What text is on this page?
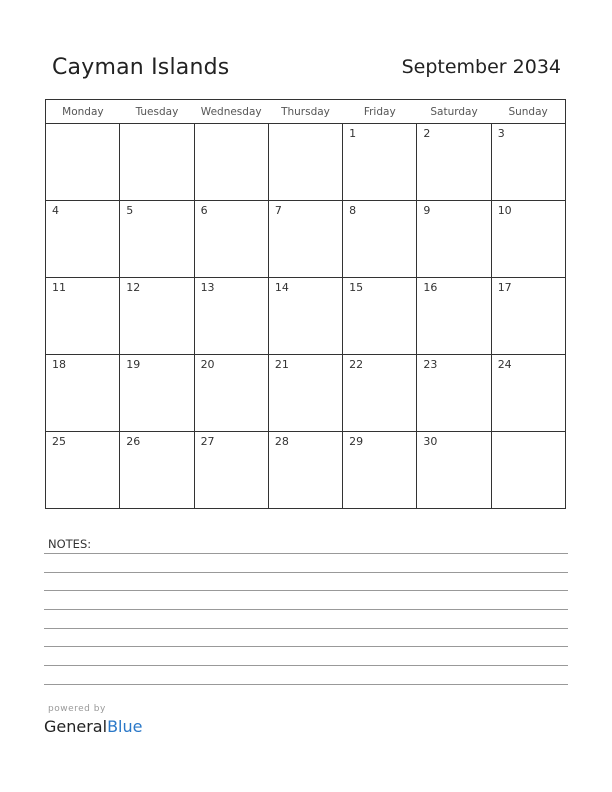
Cayman Islands	September 2034
Monday	Tuesday	Wednesday	Thursday	Friday	Saturday	Sunday

				1	2	3

4	5	6	7	8	9	10

11	12	13	14	15	16	17

18	19	20	21	22	23	24

25	26	27	28	29	30	

NOTES:
powered by
GeneralBlue
